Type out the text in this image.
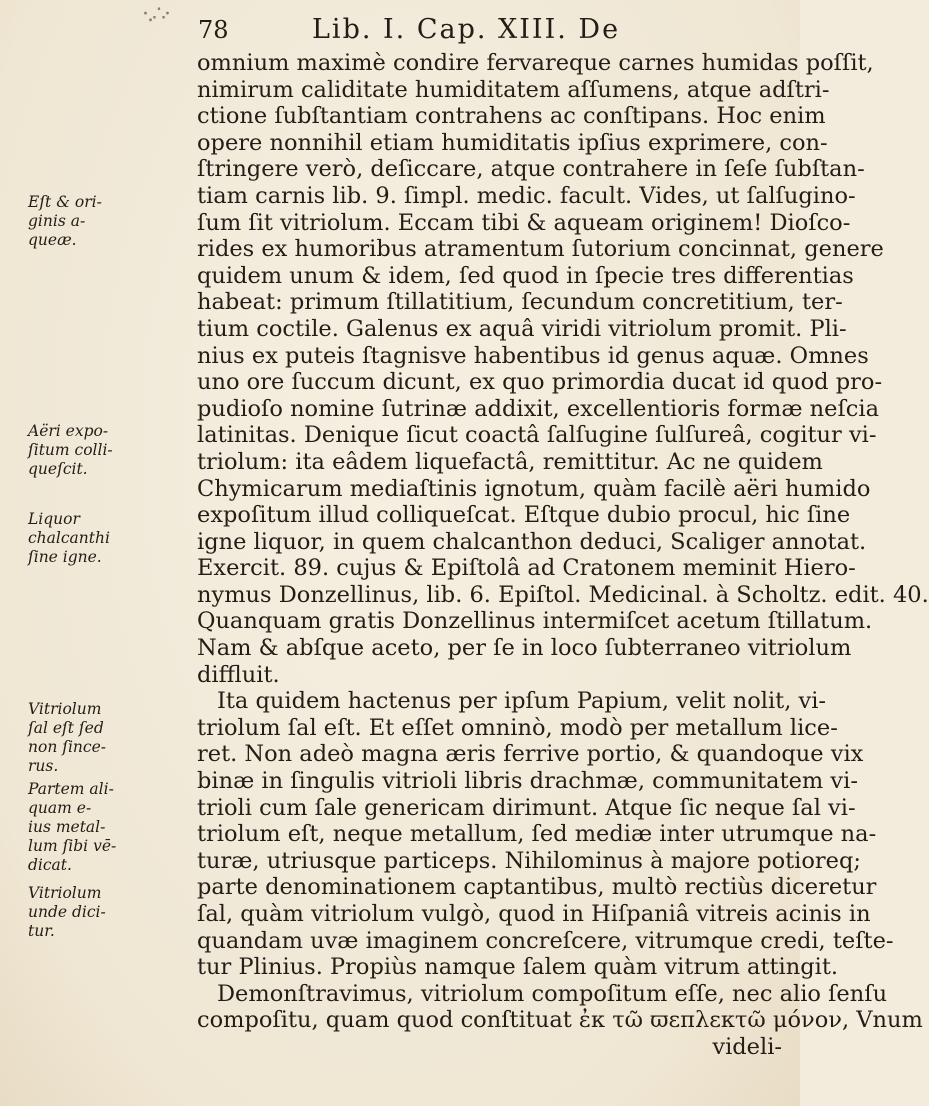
·.∴·
78	Lib. I. Cap. XIII. De
omnium maximè condire fervareque carnes humidas poſſit,
nimirum caliditate humiditatem aſſumens, atque adſtri-
ctione ſubſtantiam contrahens ac conſtipans. Hoc enim
opere nonnihil etiam humiditatis ipſius exprimere, con-
ſtringere verò, deſiccare, atque contrahere in ſeſe ſubſtan-
tiam carnis lib. 9. ſimpl. medic. facult. Vides, ut ſalſugino-
ſum ſit vitriolum. Eccam tibi & aqueam originem! Dioſco-
rides ex humoribus atramentum ſutorium concinnat, genere
quidem unum & idem, ſed quod in ſpecie tres differentias
habeat: primum ſtillatitium, ſecundum concretitium, ter-
tium coctile. Galenus ex aquâ viridi vitriolum promit. Pli-
nius ex puteis ſtagnisve habentibus id genus aquæ. Omnes
uno ore ſuccum dicunt, ex quo primordia ducat id quod pro-
pudioſo nomine ſutrinæ addixit, excellentioris formæ neſcia
latinitas. Denique ſicut coactâ ſalſugine ſulſureâ, cogitur vi-
triolum: ita eâdem liquefactâ, remittitur. Ac ne quidem
Chymicarum mediaſtinis ignotum, quàm facilè aëri humido
expoſitum illud colliqueſcat. Eſtque dubio procul, hic ſine
igne liquor, in quem chalcanthon deduci, Scaliger annotat.
Exercit. 89. cujus & Epiſtolâ ad Cratonem meminit Hiero-
nymus Donzellinus, lib. 6. Epiſtol. Medicinal. à Scholtz. edit. 40.
Quanquam gratis Donzellinus intermiſcet acetum ſtillatum.
Nam & abſque aceto, per ſe in loco ſubterraneo vitriolum
diffluit.
Ita quidem hactenus per ipſum Papium, velit nolit, vi-
triolum ſal eſt. Et eſſet omninò, modò per metallum lice-
ret. Non adeò magna æris ferrive portio, & quandoque vix
binæ in ſingulis vitrioli libris drachmæ, communitatem vi-
trioli cum ſale genericam dirimunt. Atque ſic neque ſal vi-
triolum eſt, neque metallum, ſed mediæ inter utrumque na-
turæ, utriusque particeps. Nihilominus à majore potioreq;
parte denominationem captantibus, multò rectiùs diceretur
ſal, quàm vitriolum vulgò, quod in Hiſpaniâ vitreis acinis in
quandam uvæ imaginem concreſcere, vitrumque credi, teſte-
tur Plinius. Propiùs namque ſalem quàm vitrum attingit.
Demonſtravimus, vitriolum compoſitum eſſe, nec alio ſenſu
compoſitu, quam quod conſtituat ἐκ τῶ ϖεπλεκτῶ μόνον, Vnum
videli-
Eſt & ori-
ginis a-
queæ.
Aëri expo-
ſitum colli-
queſcit.
Liquor
chalcanthi
ſine igne.
Vitriolum
ſal eſt ſed
non ſince-
rus.
Partem ali-
quam e-
ius metal-
lum ſibi vē-
dicat.
Vitriolum
unde dici-
tur.
